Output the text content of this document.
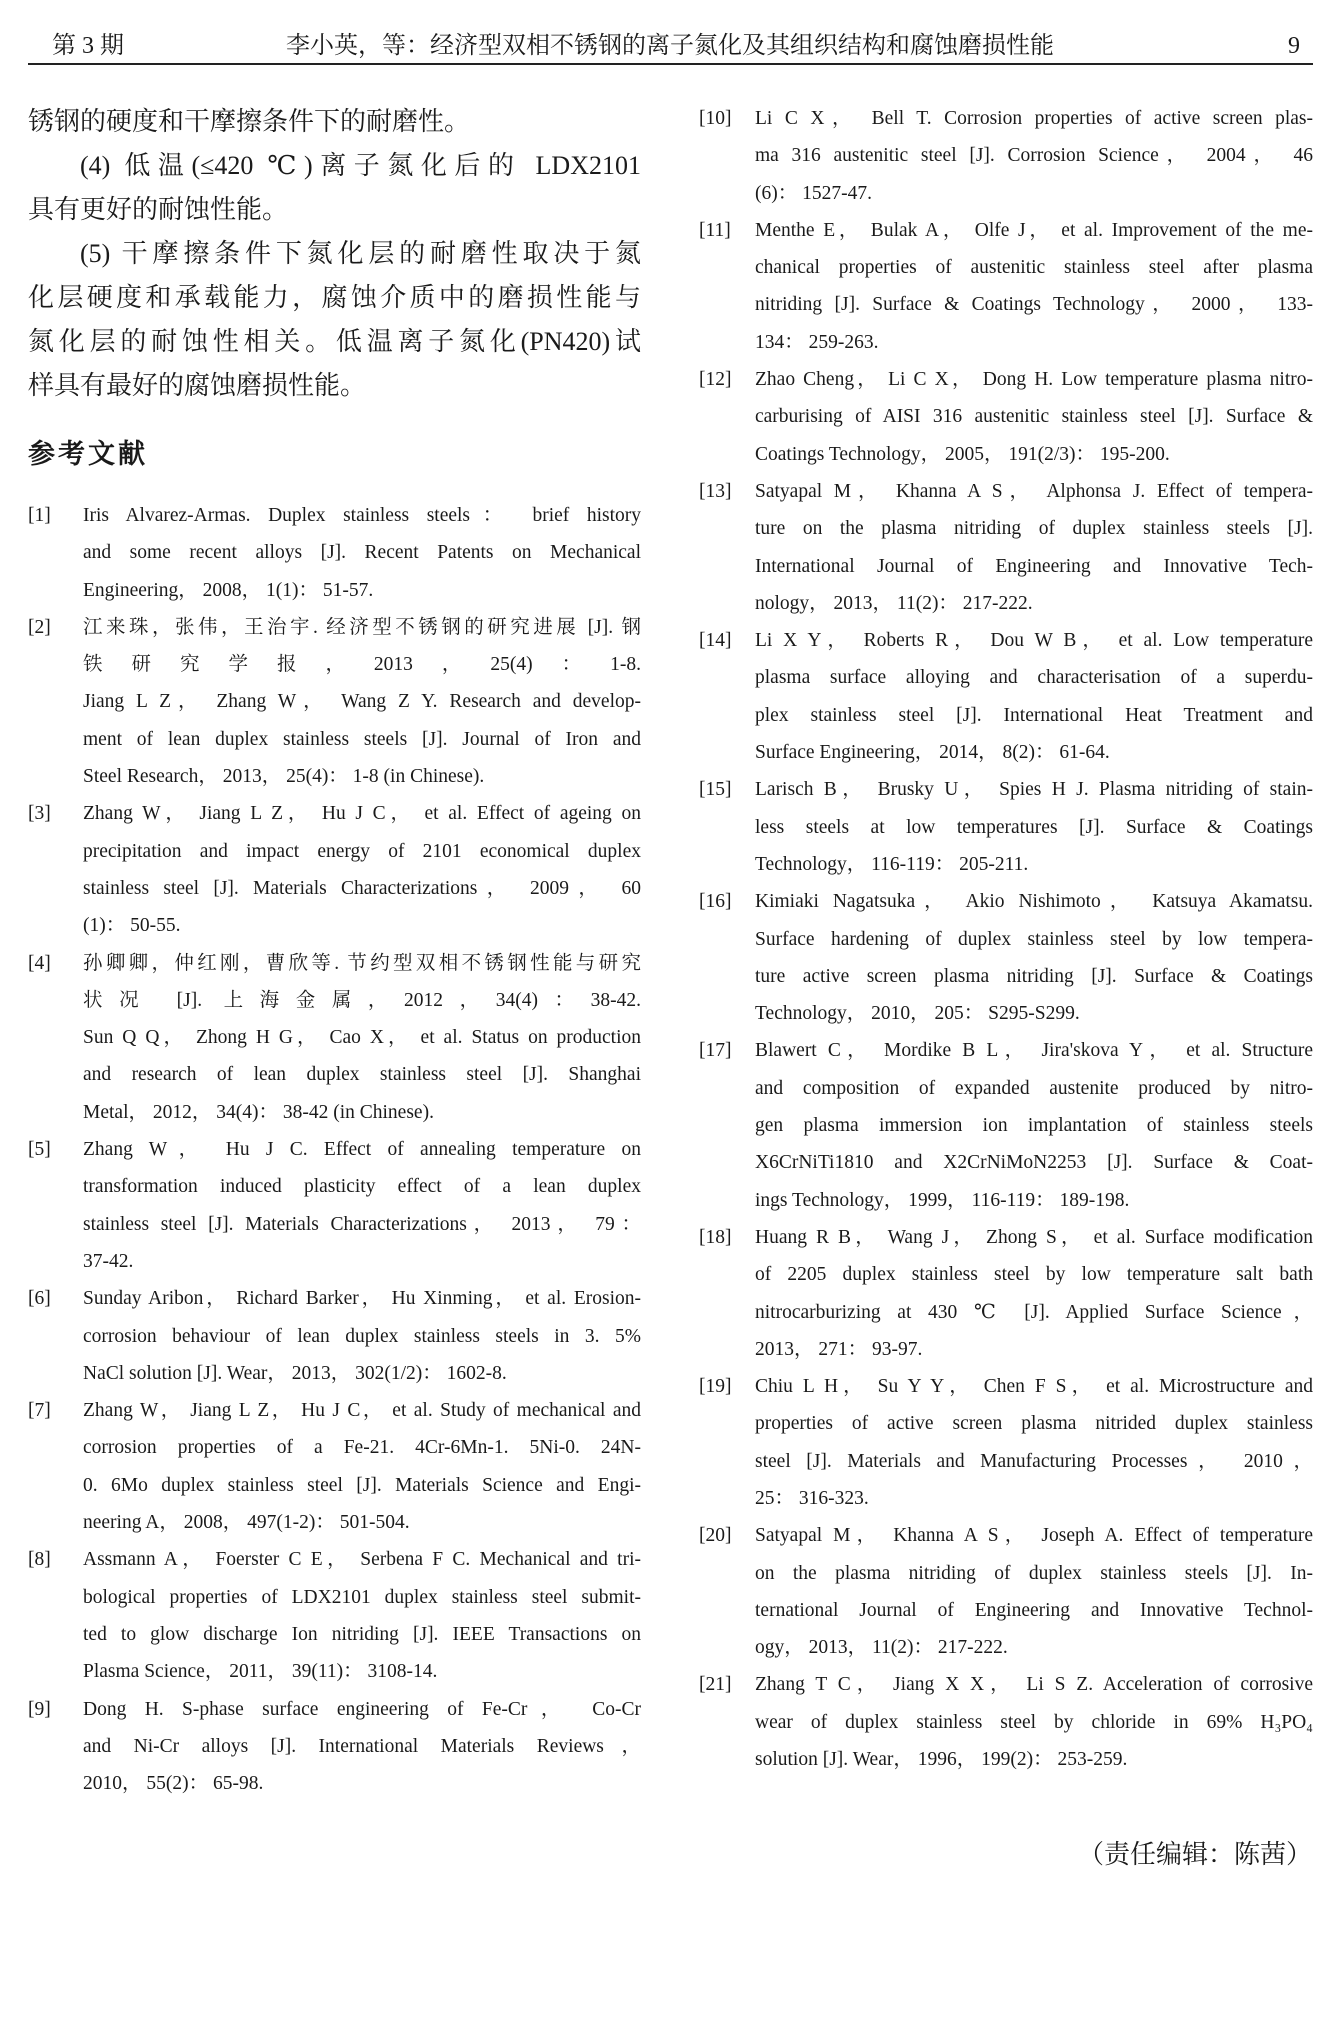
第 3 期	李小英，等：经济型双相不锈钢的离子氮化及其组织结构和腐蚀磨损性能	9
锈钢的硬度和干摩擦条件下的耐磨性。
(4) 低温(≤420 ℃)离子氮化后的 LDX2101
具有更好的耐蚀性能。
(5) 干摩擦条件下氮化层的耐磨性取决于氮
化层硬度和承载能力，腐蚀介质中的磨损性能与
氮化层的耐蚀性相关。低温离子氮化(PN420)试
样具有最好的腐蚀磨损性能。
参考文献
[1] Iris Alvarez-Armas. Duplex stainless steels： brief history
and some recent alloys [J]. Recent Patents on Mechanical
Engineering， 2008， 1(1)： 51-57.
[2] 江来珠，张伟，王治宇. 经济型不锈钢的研究进展 [J]. 钢
铁研究学报，2013，25(4)：1-8.
Jiang L Z， Zhang W， Wang Z Y. Research and develop-
ment of lean duplex stainless steels [J]. Journal of Iron and
Steel Research， 2013， 25(4)： 1-8 (in Chinese).
[3] Zhang W， Jiang L Z， Hu J C， et al. Effect of ageing on
precipitation and impact energy of 2101 economical duplex
stainless steel [J]. Materials Characterizations， 2009， 60
(1)： 50-55.
[4] 孙卿卿，仲红刚，曹欣等. 节约型双相不锈钢性能与研究
状况 [J]. 上海金属，2012，34(4)：38-42.
Sun Q Q， Zhong H G， Cao X， et al. Status on production
and research of lean duplex stainless steel [J]. Shanghai
Metal， 2012， 34(4)： 38-42 (in Chinese).
[5] Zhang W， Hu J C. Effect of annealing temperature on
transformation induced plasticity effect of a lean duplex
stainless steel [J]. Materials Characterizations， 2013， 79：
37-42.
[6] Sunday Aribon， Richard Barker， Hu Xinming， et al. Erosion-
corrosion behaviour of lean duplex stainless steels in 3. 5%
NaCl solution [J]. Wear， 2013， 302(1/2)： 1602-8.
[7] Zhang W， Jiang L Z， Hu J C， et al. Study of mechanical and
corrosion properties of a Fe-21. 4Cr-6Mn-1. 5Ni-0. 24N-
0. 6Mo duplex stainless steel [J]. Materials Science and Engi-
neering A， 2008， 497(1-2)： 501-504.
[8] Assmann A， Foerster C E， Serbena F C. Mechanical and tri-
bological properties of LDX2101 duplex stainless steel submit-
ted to glow discharge Ion nitriding [J]. IEEE Transactions on
Plasma Science， 2011， 39(11)： 3108-14.
[9] Dong H. S-phase surface engineering of Fe-Cr， Co-Cr
and Ni-Cr alloys [J]. International Materials Reviews，
2010， 55(2)： 65-98.
[10] Li C X， Bell T. Corrosion properties of active screen plas-
ma 316 austenitic steel [J]. Corrosion Science， 2004， 46
(6)： 1527-47.
[11] Menthe E， Bulak A， Olfe J， et al. Improvement of the me-
chanical properties of austenitic stainless steel after plasma
nitriding [J]. Surface & Coatings Technology， 2000， 133-
134： 259-263.
[12] Zhao Cheng， Li C X， Dong H. Low temperature plasma nitro-
carburising of AISI 316 austenitic stainless steel [J]. Surface &
Coatings Technology， 2005， 191(2/3)： 195-200.
[13] Satyapal M， Khanna A S， Alphonsa J. Effect of tempera-
ture on the plasma nitriding of duplex stainless steels [J].
International Journal of Engineering and Innovative Tech-
nology， 2013， 11(2)： 217-222.
[14] Li X Y， Roberts R， Dou W B， et al. Low temperature
plasma surface alloying and characterisation of a superdu-
plex stainless steel [J]. International Heat Treatment and
Surface Engineering， 2014， 8(2)： 61-64.
[15] Larisch B， Brusky U， Spies H J. Plasma nitriding of stain-
less steels at low temperatures [J]. Surface & Coatings
Technology， 116-119： 205-211.
[16] Kimiaki Nagatsuka， Akio Nishimoto， Katsuya Akamatsu.
Surface hardening of duplex stainless steel by low tempera-
ture active screen plasma nitriding [J]. Surface & Coatings
Technology， 2010， 205： S295-S299.
[17] Blawert C， Mordike B L， Jira'skova Y， et al. Structure
and composition of expanded austenite produced by nitro-
gen plasma immersion ion implantation of stainless steels
X6CrNiTi1810 and X2CrNiMoN2253 [J]. Surface & Coat-
ings Technology， 1999， 116-119： 189-198.
[18] Huang R B， Wang J， Zhong S， et al. Surface modification
of 2205 duplex stainless steel by low temperature salt bath
nitrocarburizing at 430 ℃ [J]. Applied Surface Science，
2013， 271： 93-97.
[19] Chiu L H， Su Y Y， Chen F S， et al. Microstructure and
properties of active screen plasma nitrided duplex stainless
steel [J]. Materials and Manufacturing Processes， 2010，
25： 316-323.
[20] Satyapal M， Khanna A S， Joseph A. Effect of temperature
on the plasma nitriding of duplex stainless steels [J]. In-
ternational Journal of Engineering and Innovative Technol-
ogy， 2013， 11(2)： 217-222.
[21] Zhang T C， Jiang X X， Li S Z. Acceleration of corrosive
wear of duplex stainless steel by chloride in 69% H₃PO₄
solution [J]. Wear， 1996， 199(2)： 253-259.
（责任编辑：陈茜）
